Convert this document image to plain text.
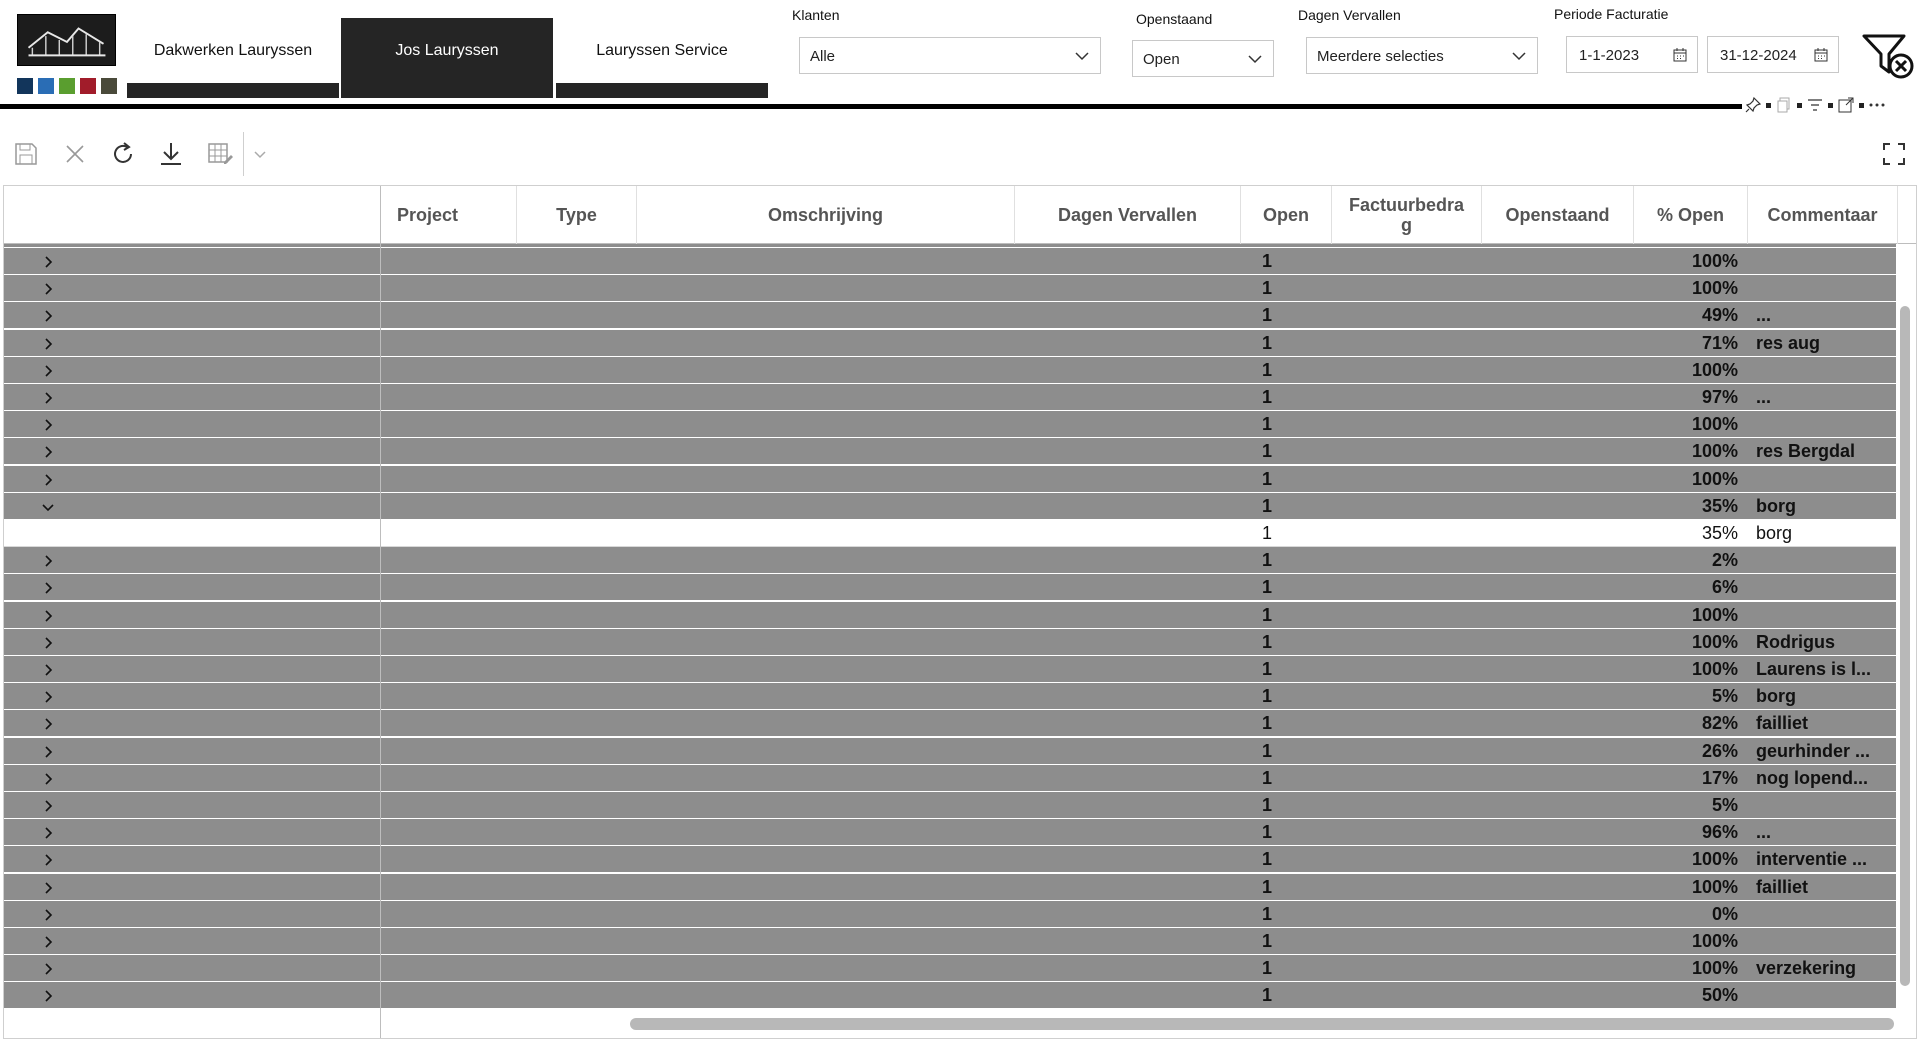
Dakwerken Lauryssen	Jos Lauryssen	Lauryssen Service
Klanten
Alle
Openstaand
Open
Dagen Vervallen
Meerdere selecties
Periode Facturatie
1-1-2023	31-12-2024
Project	Type	Omschrijving	Dagen Vervallen	Open	Factuurbedra
g	Openstaand	% Open	Commentaar
1	100%
1	100%
1	49% ...
1	71% res aug
1	100%
1	97% ...
1	100%
1	100% res Bergdal
1	100%
1	35% borg
1	35% borg
1	2%
1	6%
1	100%
1	100% Rodrigus
1	100% Laurens is l...
1	5% borg
1	82% failliet
1	26% geurhinder ...
1	17% nog lopend...
1	5%
1	96% ...
1	100% interventie ...
1	100% failliet
1	0%
1	100%
1	100% verzekering
1	50%
